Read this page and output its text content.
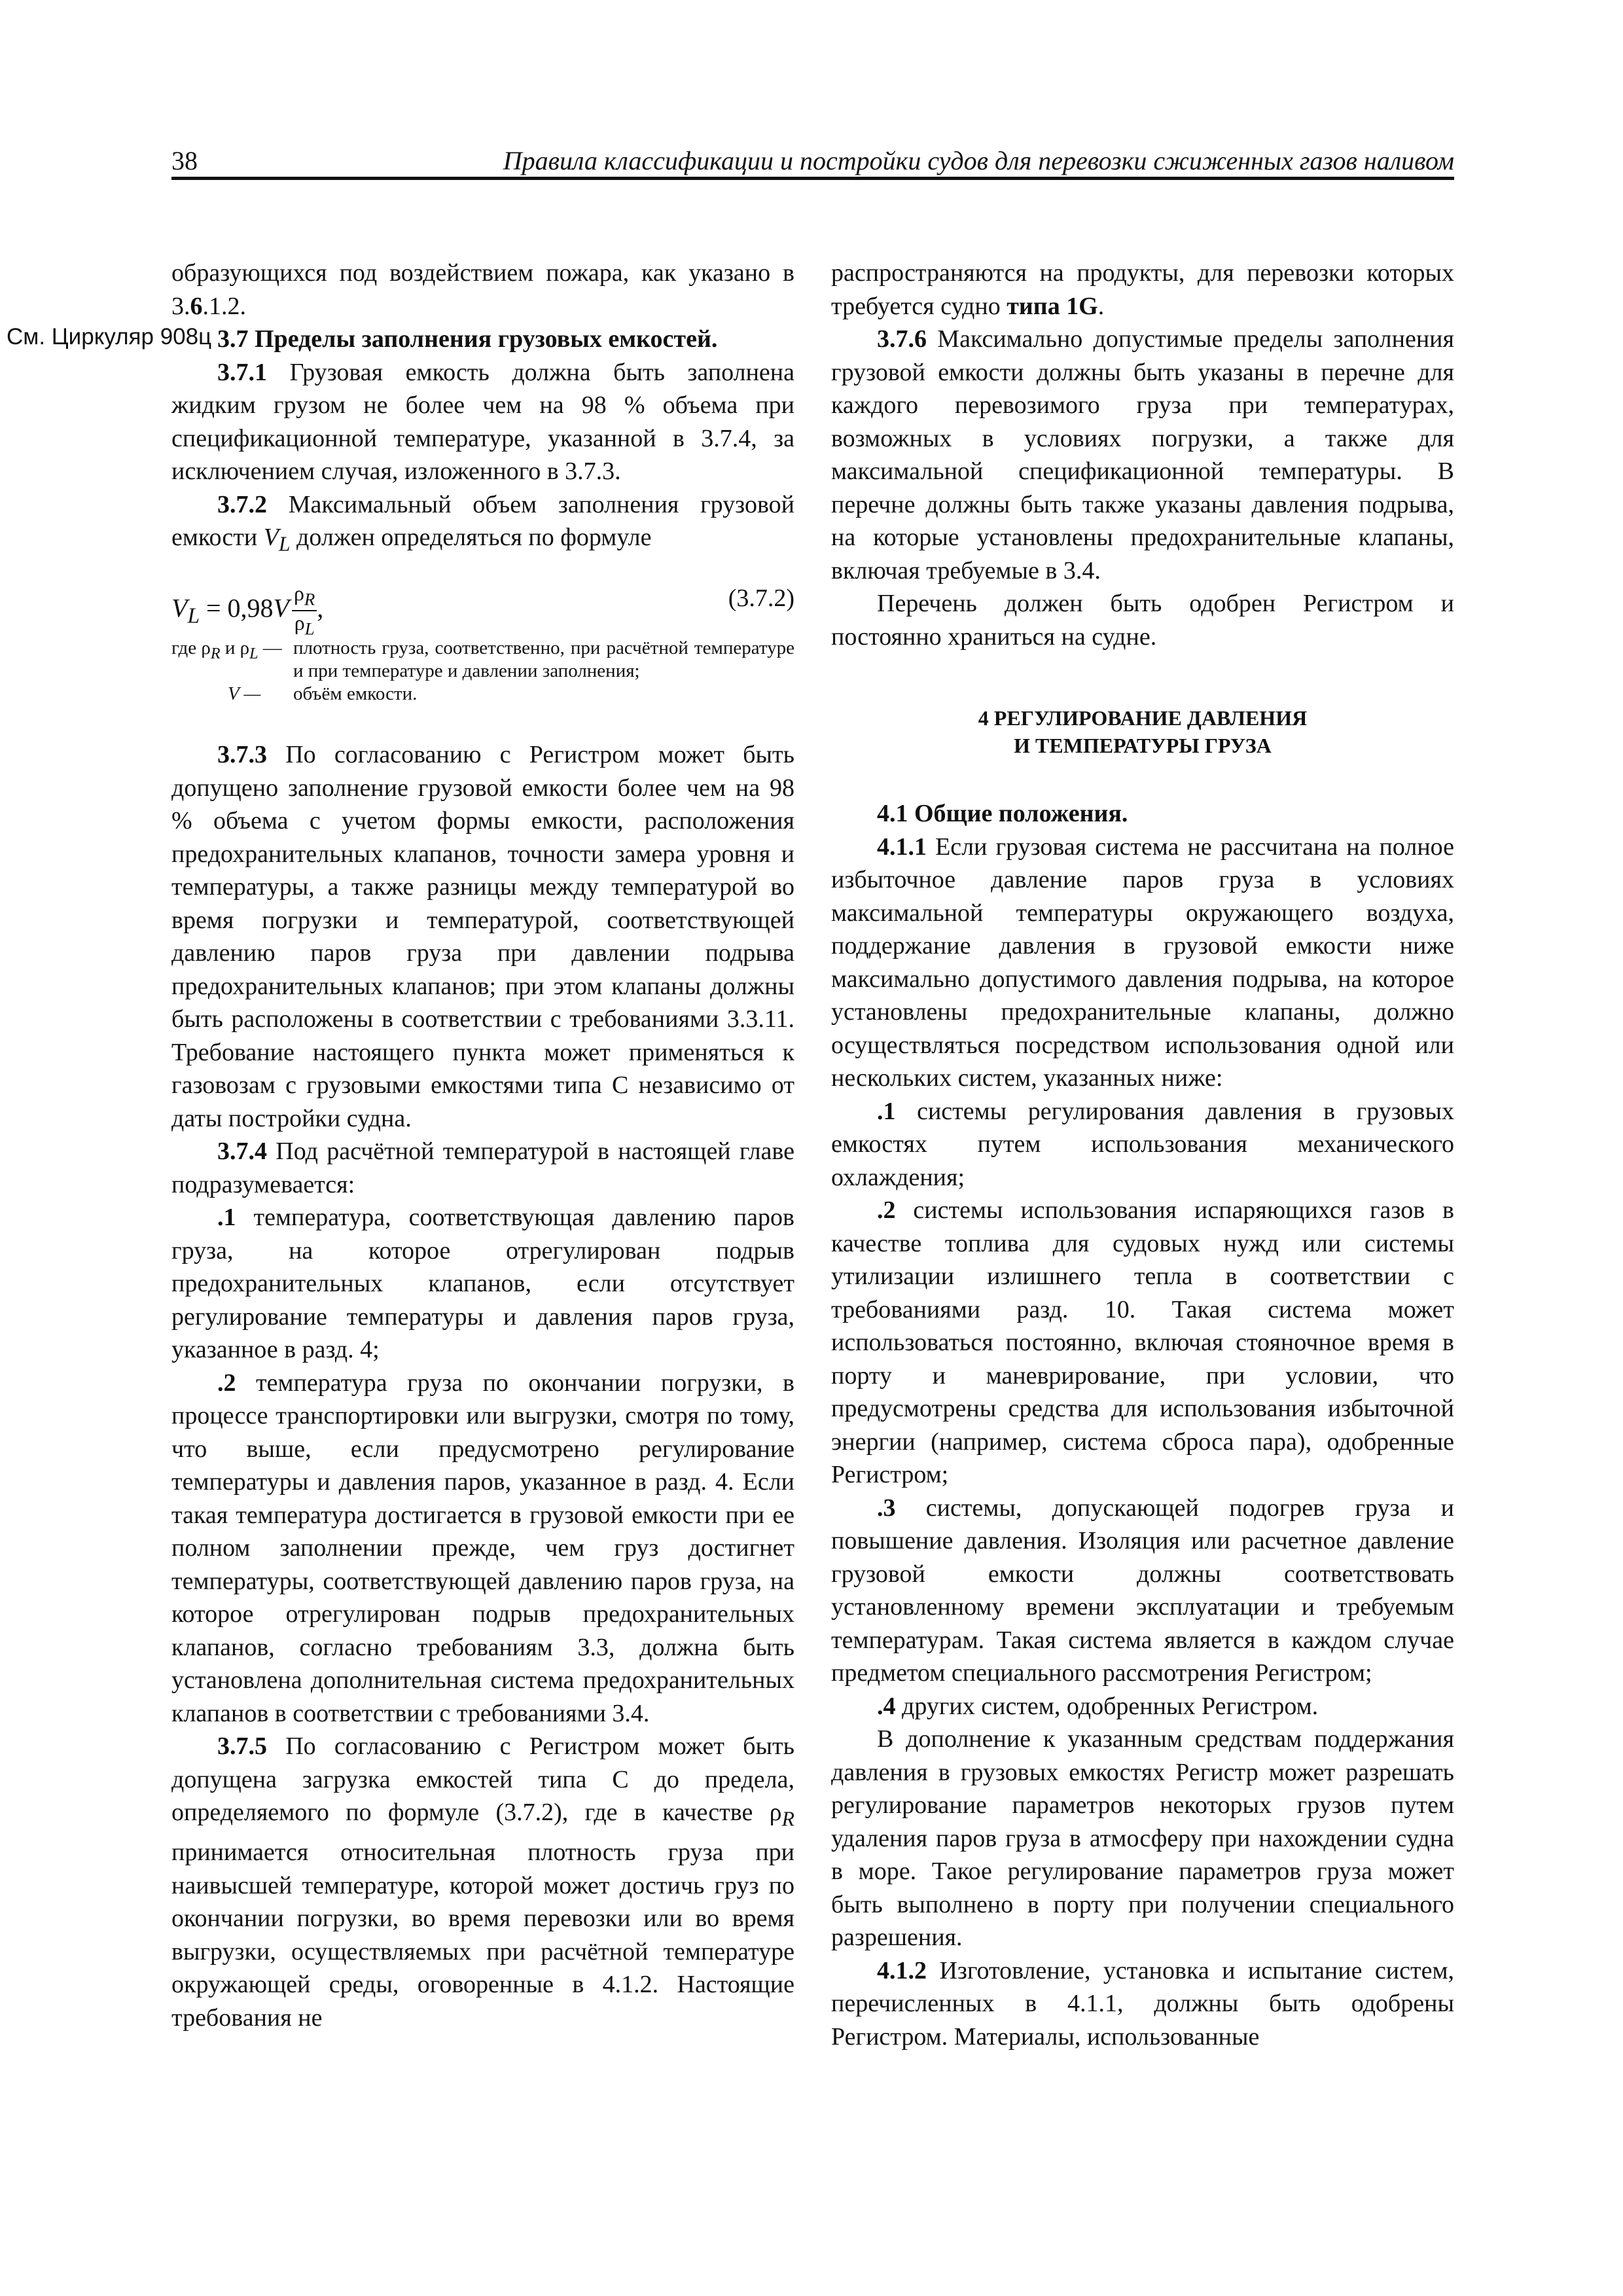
38	Правила классификации и постройки судов для перевозки сжиженных газов наливом
См. Циркуляр 908ц

образующихся под воздействием пожара, как указано в 3.6.1.2.

3.7 Пределы заполнения грузовых емкостей.

3.7.1 Грузовая емкость должна быть заполнена жидким грузом не более чем на 98 % объема при спецификационной температуре, указанной в 3.7.4, за исключением случая, изложенного в 3.7.3.

3.7.2 Максимальный объем заполнения грузовой емкости $V_L$ должен определяться по формуле

$V_L = 0,98V \frac{\rho_R}{\rho_L}$ ,	(3.7.2)
где $\rho_R$ и $\rho_L$ — плотность груза, соответственно, при расчётной температуре и при температуре и давлении заполнения;
V — объём емкости.

3.7.3 По согласованию с Регистром может быть допущено заполнение грузовой емкости более чем на 98 % объема с учетом формы емкости, расположения предохранительных клапанов, точности замера уровня и температуры, а также разницы между температурой во время погрузки и температурой, соответствующей давлению паров груза при давлении подрыва предохранительных клапанов; при этом клапаны должны быть расположены в соответствии с требованиями 3.3.11. Требование настоящего пункта может применяться к газовозам с грузовыми емкостями типа C независимо от даты постройки судна.

3.7.4 Под расчётной температурой в настоящей главе подразумевается:

.1 температура, соответствующая давлению паров груза, на которое отрегулирован подрыв предохранительных клапанов, если отсутствует регулирование температуры и давления паров груза, указанное в разд. 4;

.2 температура груза по окончании погрузки, в процессе транспортировки или выгрузки, смотря по тому, что выше, если предусмотрено регулирование температуры и давления паров, указанное в разд. 4. Если такая температура достигается в грузовой емкости при ее полном заполнении прежде, чем груз достигнет температуры, соответствующей давлению паров груза, на которое отрегулирован подрыв предохранительных клапанов, согласно требованиям 3.3, должна быть установлена дополнительная система предохранительных клапанов в соответствии с требованиями 3.4.

3.7.5 По согласованию с Регистром может быть допущена загрузка емкостей типа C до предела, определяемого по формуле (3.7.2), где в качестве $\rho_R$ принимается относительная плотность груза при наивысшей температуре, которой может достичь груз по окончании погрузки, во время перевозки или во время выгрузки, осуществляемых при расчётной температуре окружающей среды, оговоренные в 4.1.2. Настоящие требования не

распространяются на продукты, для перевозки которых требуется судно типа 1G.

3.7.6 Максимально допустимые пределы заполнения грузовой емкости должны быть указаны в перечне для каждого перевозимого груза при температурах, возможных в условиях погрузки, а также для максимальной спецификационной температуры. В перечне должны быть также указаны давления подрыва, на которые установлены предохранительные клапаны, включая требуемые в 3.4.

Перечень должен быть одобрен Регистром и постоянно храниться на судне.

4 РЕГУЛИРОВАНИЕ ДАВЛЕНИЯ
И ТЕМПЕРАТУРЫ ГРУЗА

4.1 Общие положения.

4.1.1 Если грузовая система не рассчитана на полное избыточное давление паров груза в условиях максимальной температуры окружающего воздуха, поддержание давления в грузовой емкости ниже максимально допустимого давления подрыва, на которое установлены предохранительные клапаны, должно осуществляться посредством использования одной или нескольких систем, указанных ниже:

.1 системы регулирования давления в грузовых емкостях путем использования механического охлаждения;

.2 системы использования испаряющихся газов в качестве топлива для судовых нужд или системы утилизации излишнего тепла в соответствии с требованиями разд. 10. Такая система может использоваться постоянно, включая стояночное время в порту и маневрирование, при условии, что предусмотрены средства для использования избыточной энергии (например, система сброса пара), одобренные Регистром;

.3 системы, допускающей подогрев груза и повышение давления. Изоляция или расчетное давление грузовой емкости должны соответствовать установленному времени эксплуатации и требуемым температурам. Такая система является в каждом случае предметом специального рассмотрения Регистром;

.4 других систем, одобренных Регистром.

В дополнение к указанным средствам поддержания давления в грузовых емкостях Регистр может разрешать регулирование параметров некоторых грузов путем удаления паров груза в атмосферу при нахождении судна в море. Такое регулирование параметров груза может быть выполнено в порту при получении специального разрешения.

4.1.2 Изготовление, установка и испытание систем, перечисленных в 4.1.1, должны быть одобрены Регистром. Материалы, использованные
